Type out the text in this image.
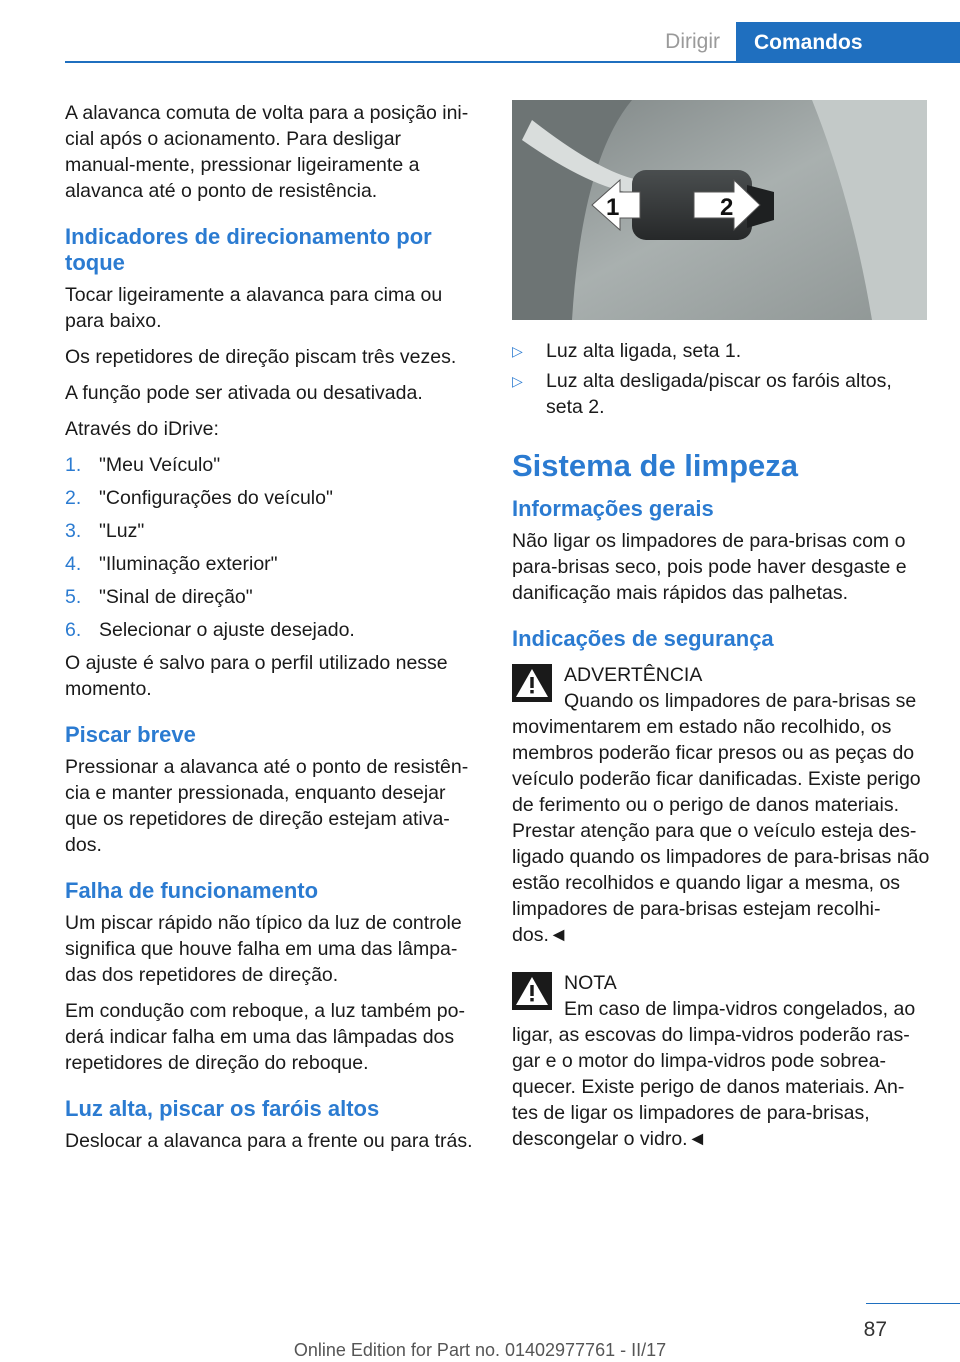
Dirigir	Comandos

A alavanca comuta de volta para a posição ini-cial após o acionamento. Para desligar manual-mente, pressionar ligeiramente a alavanca até o ponto de resistência.

Indicadores de direcionamento por toque

Tocar ligeiramente a alavanca para cima ou para baixo.

Os repetidores de direção piscam três vezes.

A função pode ser ativada ou desativada.

Através do iDrive:

1. "Meu Veículo"
2. "Configurações do veículo"
3. "Luz"
4. "Iluminação exterior"
5. "Sinal de direção"
6. Selecionar o ajuste desejado.

O ajuste é salvo para o perfil utilizado nesse momento.

Piscar breve

Pressionar a alavanca até o ponto de resistên-cia e manter pressionada, enquanto desejar que os repetidores de direção estejam ativa-dos.

Falha de funcionamento

Um piscar rápido não típico da luz de controle significa que houve falha em uma das lâmpa-das dos repetidores de direção.

Em condução com reboque, a luz também po-derá indicar falha em uma das lâmpadas dos repetidores de direção do reboque.

Luz alta, piscar os faróis altos

Deslocar a alavanca para a frente ou para trás.

1	2
▷	Luz alta ligada, seta 1.
▷	Luz alta desligada/piscar os faróis altos, seta 2.
Sistema de limpeza
Informações gerais

Não ligar os limpadores de para-brisas com o para-brisas seco, pois pode haver desgaste e danificação mais rápidos das palhetas.

Indicações de segurança
ADVERTÊNCIA
Quando os limpadores de para-brisas se

movimentarem em estado não recolhido, os membros poderão ficar presos ou as peças do veículo poderão ficar danificadas. Existe perigo de ferimento ou o perigo de danos materiais. Prestar atenção para que o veículo esteja des-ligado quando os limpadores de para-brisas não estão recolhidos e quando ligar a mesma, os limpadores de para-brisas estejam recolhi-dos.◄

NOTA
Em caso de limpa-vidros congelados, ao

ligar, as escovas do limpa-vidros poderão ras-gar e o motor do limpa-vidros pode sobrea-quecer. Existe perigo de danos materiais. An-tes de ligar os limpadores de para-brisas, descongelar o vidro.◄

87
Online Edition for Part no. 01402977761 - II/17
